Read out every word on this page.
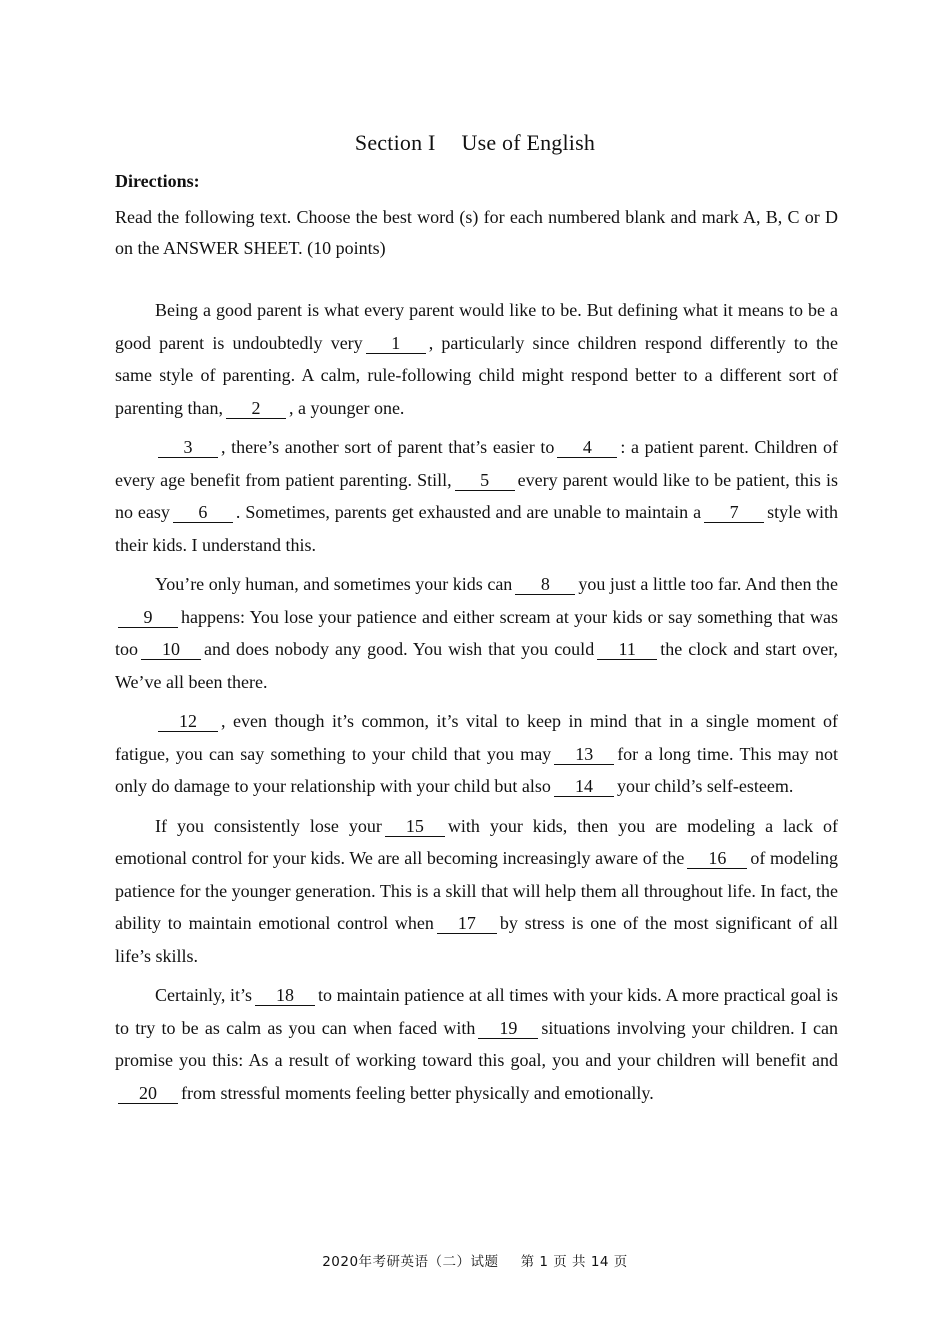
Section I Use of English
Directions:
Read the following text. Choose the best word (s) for each numbered blank and mark A, B, C or D on the ANSWER SHEET. (10 points)

Being a good parent is what every parent would like to be. But defining what it means to be a good parent is undoubtedly very 1 , particularly since children respond differently to the same style of parenting. A calm, rule-following child might respond better to a different sort of parenting than, 2 , a younger one.

3 , there’s another sort of parent that’s easier to 4 : a patient parent. Children of every age benefit from patient parenting. Still, 5 every parent would like to be patient, this is no easy 6 . Sometimes, parents get exhausted and are unable to maintain a 7 style with their kids. I understand this.

You’re only human, and sometimes your kids can 8 you just a little too far. And then the9 happens: You lose your patience and either scream at your kids or say something that was too 10 and does nobody any good. You wish that you could 11 the clock and start over, We’ve all been there.

12 , even though it’s common, it’s vital to keep in mind that in a single moment of fatigue, you can say something to your child that you may 13 for a long time. This may not only do damage to your relationship with your child but also 14 your child’s self-esteem.

If you consistently lose your 15 with your kids, then you are modeling a lack of emotional control for your kids. We are all becoming increasingly aware of the 16 of modeling patience for the younger generation. This is a skill that will help them all throughout life. In fact, the ability to maintain emotional control when 17 by stress is one of the most significant of all life’s skills.

Certainly, it’s 18 to maintain patience at all times with your kids. A more practical goal is to try to be as calm as you can when faced with 19 situations involving your children. I can promise you this: As a result of working toward this goal, you and your children will benefit and20 from stressful moments feeling better physically and emotionally.

2020年考研英语（二）试题 第 1 页 共 14 页
